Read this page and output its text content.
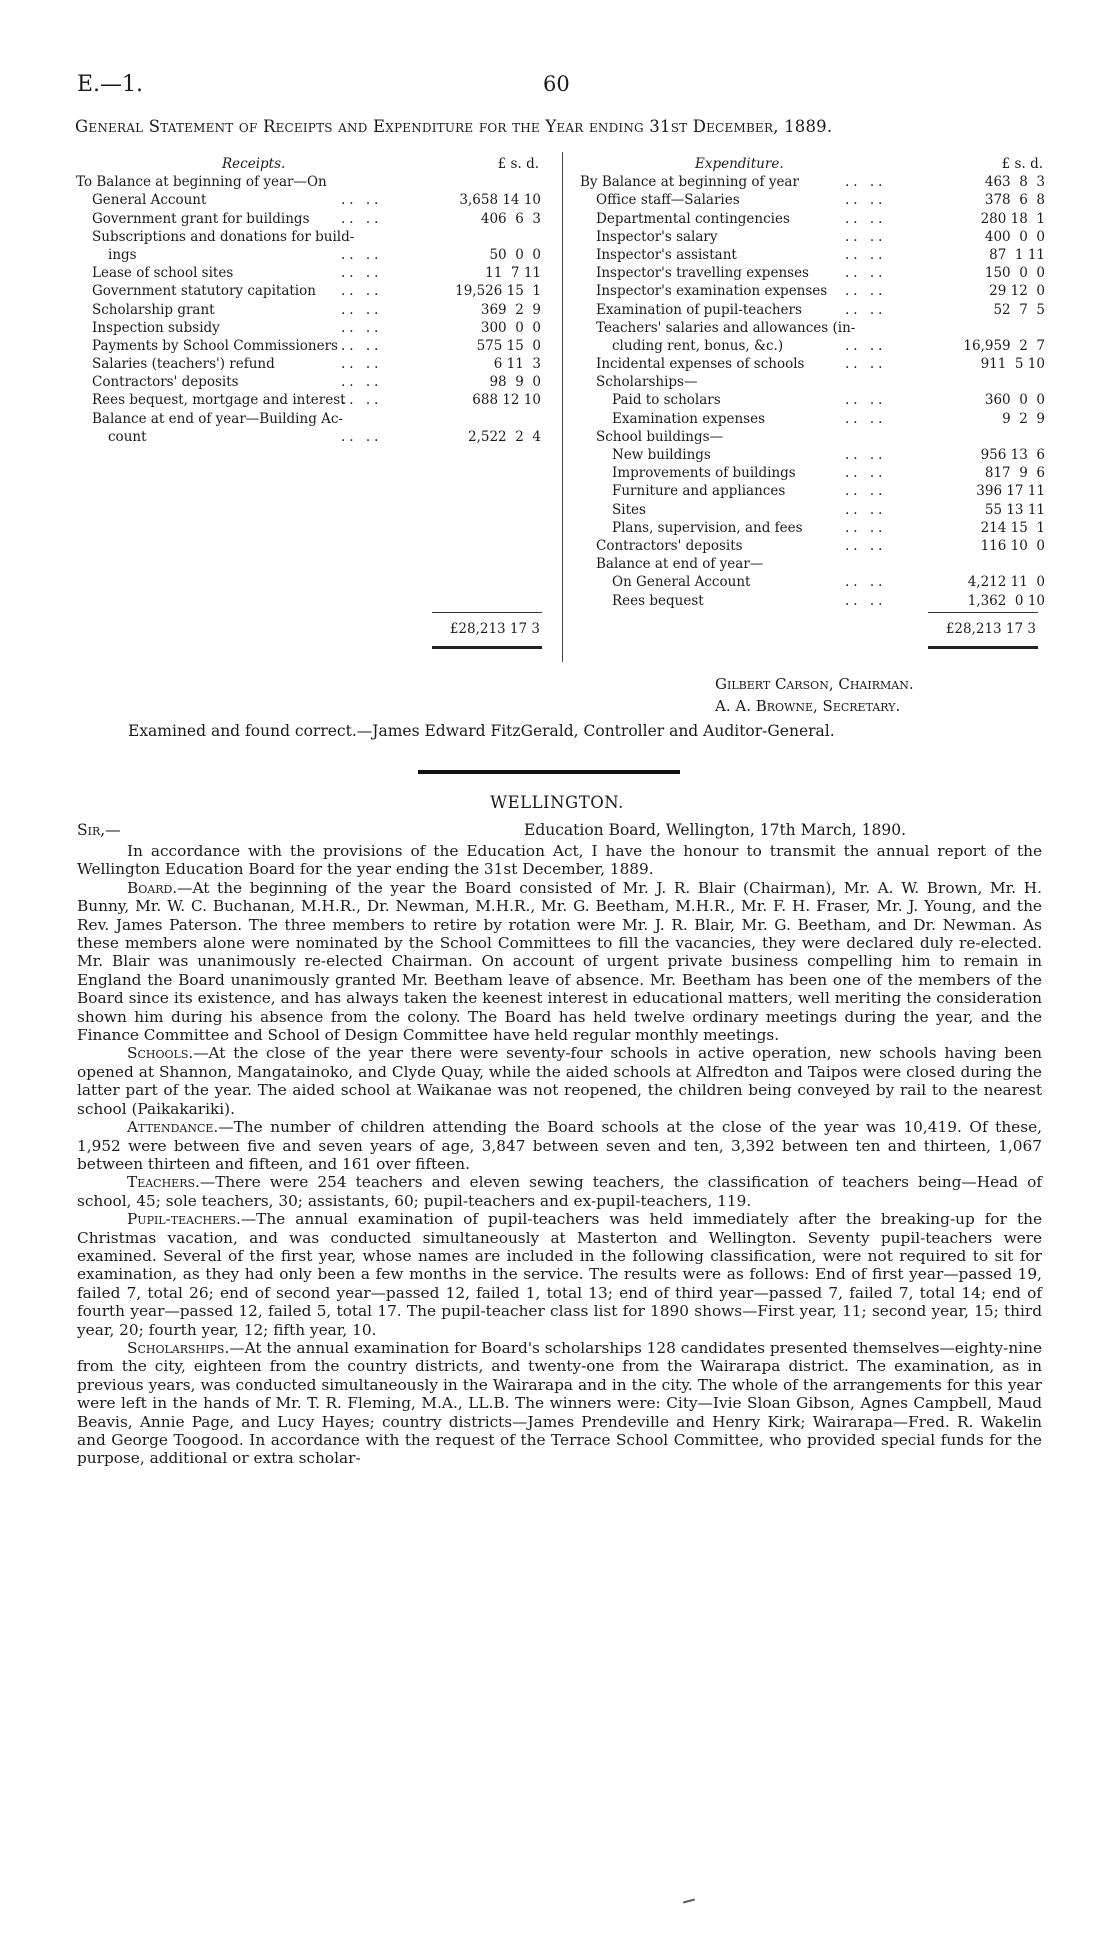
E.—1.	60
General Statement of Receipts and Expenditure for the Year ending 31st December, 1889.
Receipts.	£ s. d.
To Balance at beginning of year—On
General Account	.. ..	3,658 14 10
Government grant for buildings .. ..	406  6  3
Subscriptions and donations for build-
ings	.. ..	50  0  0
Lease of school sites	.. ..	11  7 11
Government statutory capitation .. ..	19,526 15  1
Scholarship grant	.. ..	369  2  9
Inspection subsidy	.. ..	300  0  0
Payments by School Commissioners .. ..	575 15  0
Salaries (teachers') refund	.. ..	6 11  3
Contractors' deposits	.. ..	98  9  0
Rees bequest, mortgage and interest
.. ..	688 12 10
Balance at end of year—Building Ac-
count	.. ..	2,522  2  4
Expenditure.	£ s. d.
By Balance at beginning of year	.. ..	463  8  3
Office staff—Salaries	.. ..	378  6  8
Departmental contingencies	.. ..	280 18  1
Inspector's salary	.. ..	400  0  0
Inspector's assistant	.. ..	87  1 11
Inspector's travelling expenses	.. ..	150  0  0
Inspector's examination expenses .. ..	29 12  0
Examination of pupil-teachers	.. ..	52  7  5
Teachers' salaries and allowances (in-
cluding rent, bonus, &c.)	.. ..	16,959  2  7
Incidental expenses of schools	.. ..	911  5 10
Scholarships—
Paid to scholars	.. ..	360  0  0
Examination expenses	.. ..	9  2  9
School buildings—
New buildings	.. ..	956 13  6
Improvements of buildings	.. ..	817  9  6
Furniture and appliances	.. ..	396 17 11
Sites	.. ..	55 13 11
Plans, supervision, and fees	.. ..	214 15  1
Contractors' deposits	.. ..	116 10  0
Balance at end of year—
On General Account	.. ..	4,212 11  0
Rees bequest	.. ..	1,362  0 10
£28,213 17 3	£28,213 17 3
Gilbert Carson, Chairman.
A. A. Browne, Secretary.
Examined and found correct.—James Edward FitzGerald, Controller and Auditor-General.
WELLINGTON.
Sir,—	Education Board, Wellington, 17th March, 1890.

In accordance with the provisions of the Education Act, I have the honour to transmit the annual report of the Wellington Education Board for the year ending the 31st December, 1889.

Board.—At the beginning of the year the Board consisted of Mr. J. R. Blair (Chairman), Mr. A. W. Brown, Mr. H. Bunny, Mr. W. C. Buchanan, M.H.R., Dr. Newman, M.H.R., Mr. G. Beetham, M.H.R., Mr. F. H. Fraser, Mr. J. Young, and the Rev. James Paterson. The three members to retire by rotation were Mr. J. R. Blair, Mr. G. Beetham, and Dr. Newman. As these members alone were nominated by the School Committees to fill the vacancies, they were declared duly re-elected. Mr. Blair was unanimously re-elected Chairman. On account of urgent private business compelling him to remain in England the Board unanimously granted Mr. Beetham leave of absence. Mr. Beetham has been one of the members of the Board since its existence, and has always taken the keenest interest in educational matters, well meriting the consideration shown him during his absence from the colony. The Board has held twelve ordinary meetings during the year, and the Finance Committee and School of Design Committee have held regular monthly meetings.

Schools.—At the close of the year there were seventy-four schools in active operation, new schools having been opened at Shannon, Mangatainoko, and Clyde Quay, while the aided schools at Alfredton and Taipos were closed during the latter part of the year. The aided school at Waikanae was not reopened, the children being conveyed by rail to the nearest school (Paikakariki).

Attendance.—The number of children attending the Board schools at the close of the year was 10,419. Of these, 1,952 were between five and seven years of age, 3,847 between seven and ten, 3,392 between ten and thirteen, 1,067 between thirteen and fifteen, and 161 over fifteen.

Teachers.—There were 254 teachers and eleven sewing teachers, the classification of teachers being—Head of school, 45; sole teachers, 30; assistants, 60; pupil-teachers and ex-pupil-teachers, 119.

Pupil-teachers.—The annual examination of pupil-teachers was held immediately after the breaking-up for the Christmas vacation, and was conducted simultaneously at Masterton and Wellington. Seventy pupil-teachers were examined. Several of the first year, whose names are included in the following classification, were not required to sit for examination, as they had only been a few months in the service. The results were as follows: End of first year—passed 19, failed 7, total 26; end of second year—passed 12, failed 1, total 13; end of third year—passed 7, failed 7, total 14; end of fourth year—passed 12, failed 5, total 17. The pupil-teacher class list for 1890 shows—First year, 11; second year, 15; third year, 20; fourth year, 12; fifth year, 10.

Scholarships.—At the annual examination for Board's scholarships 128 candidates presented themselves—eighty-nine from the city, eighteen from the country districts, and twenty-one from the Wairarapa district. The examination, as in previous years, was conducted simultaneously in the Wairarapa and in the city. The whole of the arrangements for this year were left in the hands of Mr. T. R. Fleming, M.A., LL.B. The winners were: City—Ivie Sloan Gibson, Agnes Campbell, Maud Beavis, Annie Page, and Lucy Hayes; country districts—James Prendeville and Henry Kirk; Wairarapa—Fred. R. Wakelin and George Toogood. In accordance with the request of the Terrace School Committee, who provided special funds for the purpose, additional or extra scholar-
